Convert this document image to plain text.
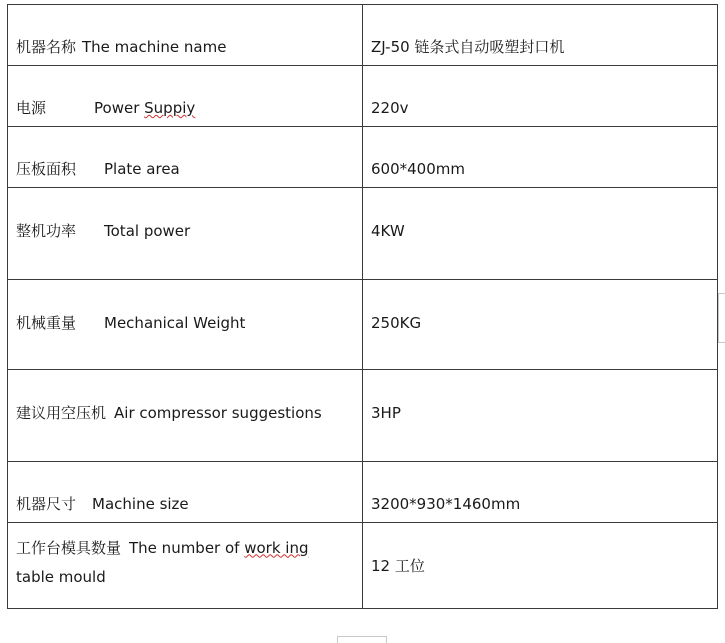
机器名称 The machine name	ZJ-50 链条式自动吸塑封口机
电源 Power Suppiy	220v
压板面积 Plate area	600*400mm
整机功率 Total power	4KW
机械重量 Mechanical Weight	250KG
建议用空压机 Air compressor suggestions	3HP
机器尺寸 Machine size	3200*930*1460mm
工作台模具数量 The number of work ing
table mould	12 工位
